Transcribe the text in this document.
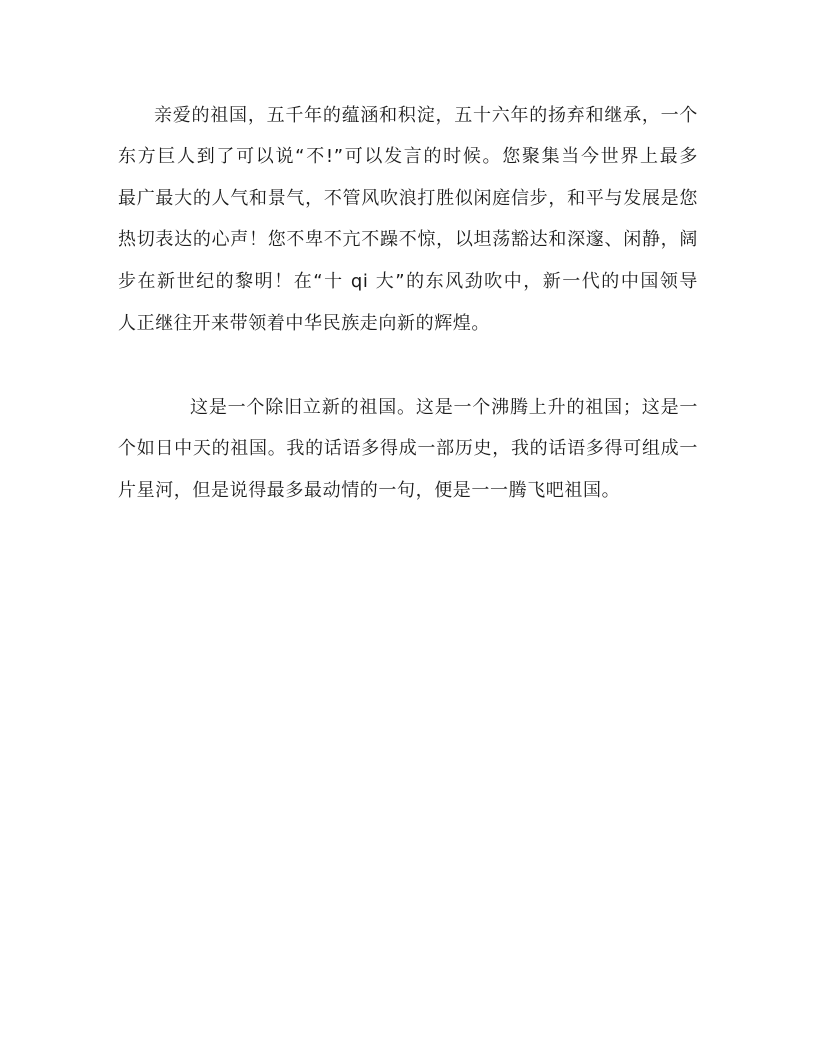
亲爱的祖国，五千年的蕴涵和积淀，五十六年的扬弃和继承，一个
东方巨人到了可以说“不!”可以发言的时候。您聚集当今世界上最多
最广最大的人气和景气，不管风吹浪打胜似闲庭信步，和平与发展是您
热切表达的心声！您不卑不亢不躁不惊，以坦荡豁达和深邃、闲静，阔
步在新世纪的黎明！在“十 qi 大”的东风劲吹中，新一代的中国领导
人正继往开来带领着中华民族走向新的辉煌。
这是一个除旧立新的祖国。这是一个沸腾上升的祖国；这是一
个如日中天的祖国。我的话语多得成一部历史，我的话语多得可组成一
片星河，但是说得最多最动情的一句，便是一一腾飞吧祖国。
